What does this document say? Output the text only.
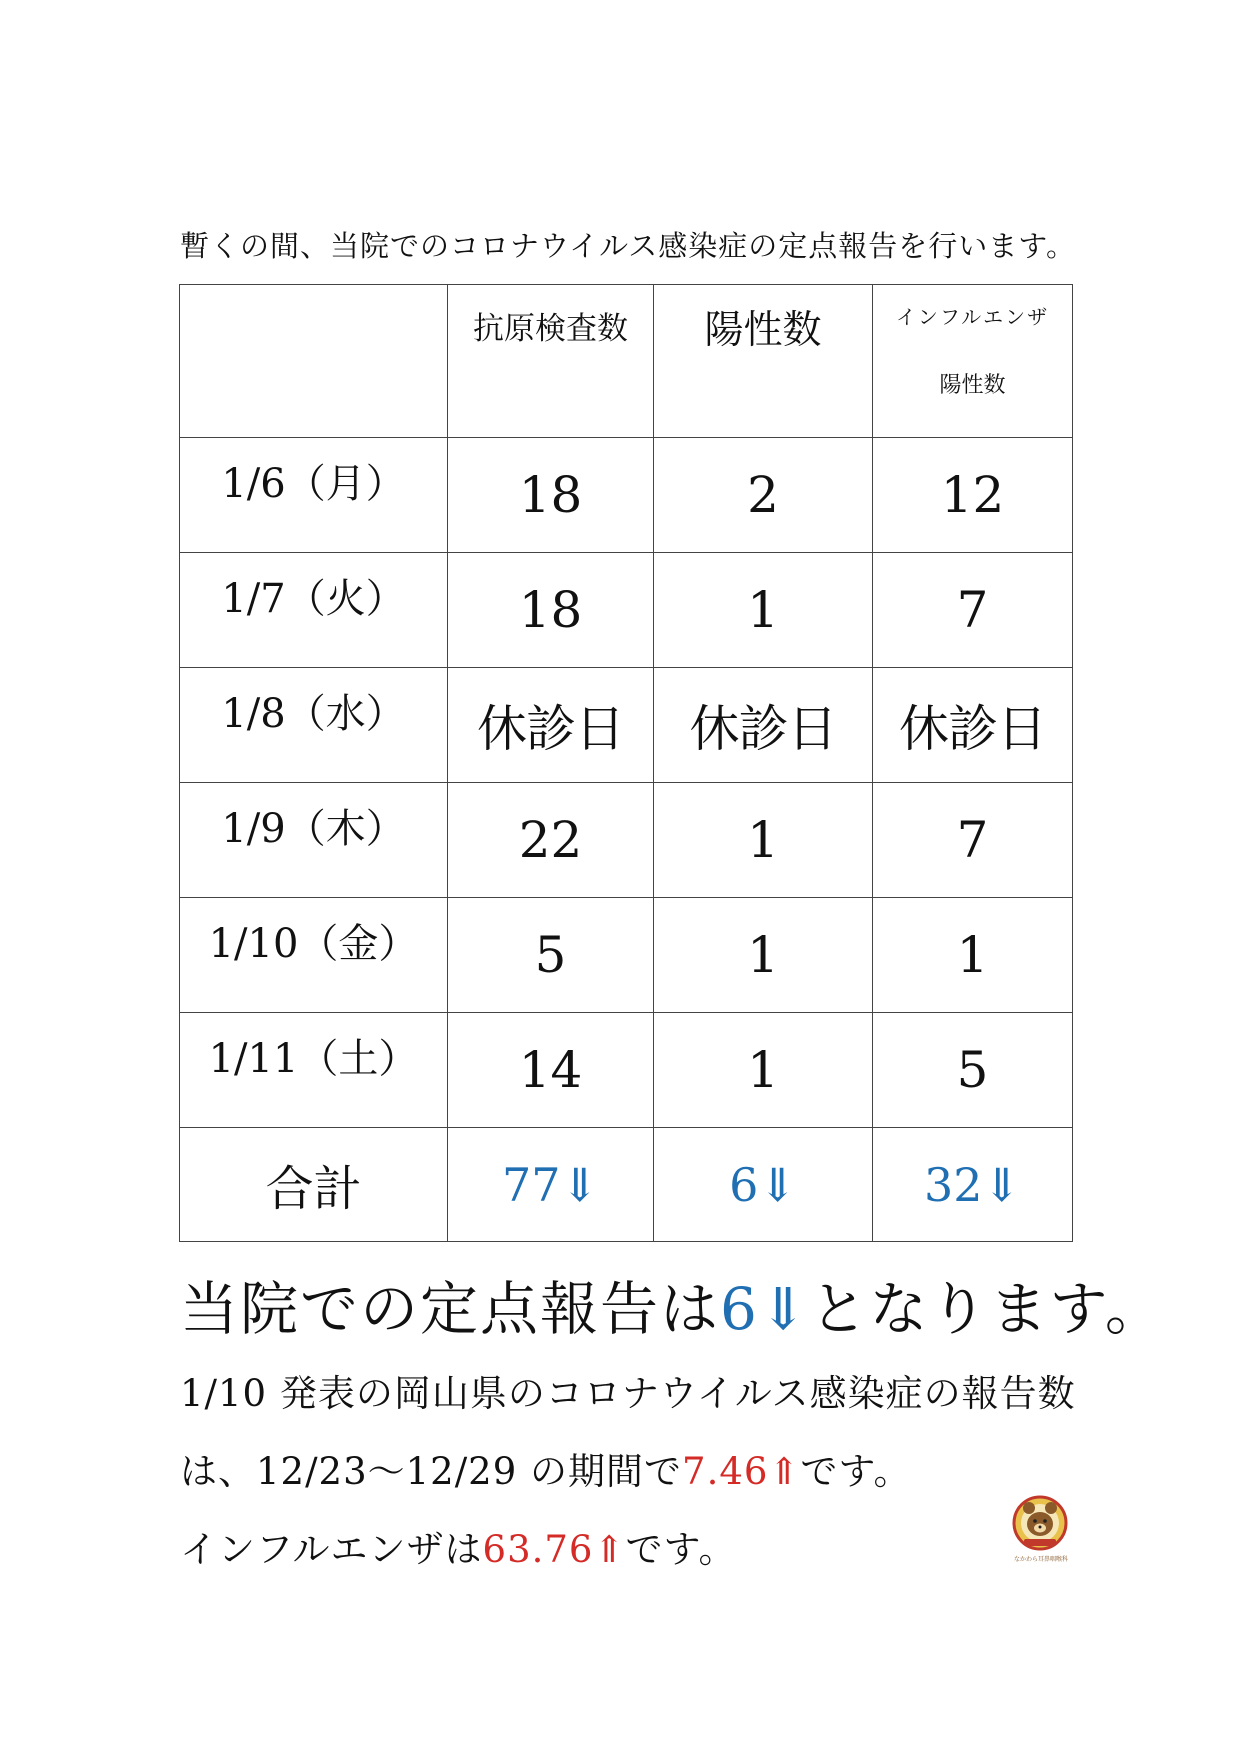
暫くの間、当院でのコロナウイルス感染症の定点報告を行います。
	抗原検査数	陽性数	インフルエンザ
陽性数

1/6（月）	18	2	12
1/7（火）	18	1	7
1/8（水）	休診日	休診日	休診日
1/9（木）	22	1	7
1/10（金）	5	1	1
1/11（土）	14	1	5
合計	77⇓	6⇓	32⇓
当院での定点報告は6⇓となります。
1/10 発表の岡山県のコロナウイルス感染症の報告数
は、12/23〜12/29 の期間で7.46⇑です。
インフルエンザは63.76⇑です。	なかわら耳鼻咽喉科
